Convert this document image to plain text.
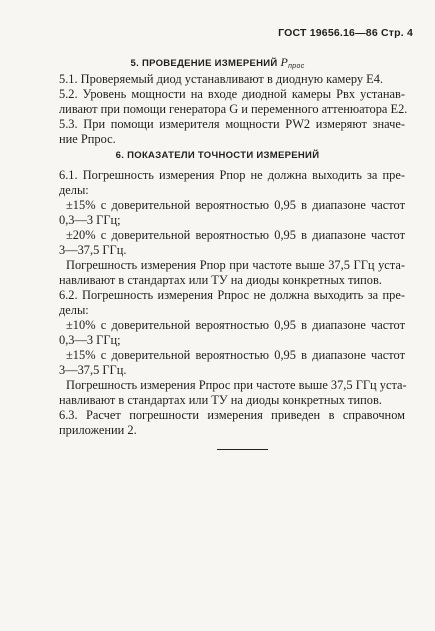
ГОСТ 19656.16—86 Стр. 4
5. ПРОВЕДЕНИЕ ИЗМЕРЕНИЙ $P_{прос}$
5.1. Проверяемый диод устанавливают в диодную камеру E4.
5.2. Уровень мощности на входе диодной камеры Pвх устанав-
ливают при помощи генератора G и переменного аттенюатора E2.
5.3. При помощи измерителя мощности PW2 измеряют значе-
ние Pпрос.
6. ПОКАЗАТЕЛИ ТОЧНОСТИ ИЗМЕРЕНИЙ
6.1. Погрешность измерения Pпор не должна выходить за пре-
делы:
±15% с доверительной вероятностью 0,95 в диапазоне частот
0,3—3 ГГц;
±20% с доверительной вероятностью 0,95 в диапазоне частот
3—37,5 ГГц.
Погрешность измерения Pпор при частоте выше 37,5 ГГц уста-
навливают в стандартах или ТУ на диоды конкретных типов.
6.2. Погрешность измерения Pпрос не должна выходить за пре-
делы:
±10% с доверительной вероятностью 0,95 в диапазоне частот
0,3—3 ГГц;
±15% с доверительной вероятностью 0,95 в диапазоне частот
3—37,5 ГГц.
Погрешность измерения Pпрос при частоте выше 37,5 ГГц уста-
навливают в стандартах или ТУ на диоды конкретных типов.
6.3. Расчет погрешности измерения приведен в справочном
приложении 2.
